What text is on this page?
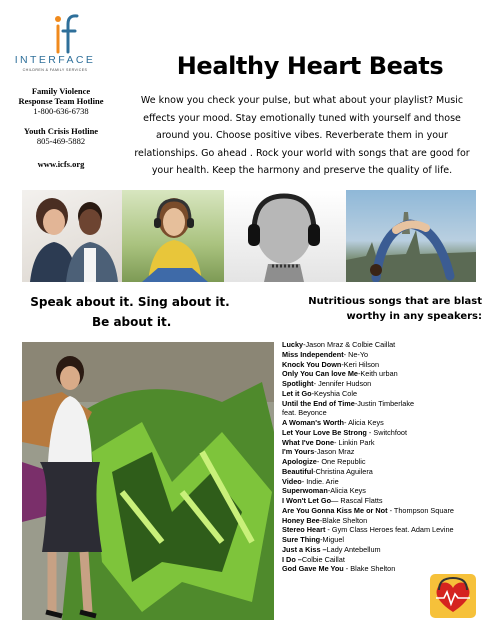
INTERFACE
CHILDREN & FAMILY SERVICES
Family Violence
Response Team Hotline
1-800-636-6738
Youth Crisis Hotline
805-469-5882
www.icfs.org
Healthy Heart Beats
We know you check your pulse, but what about your playlist? Music
effects your mood. Stay emotionally tuned with yourself and those
around you. Choose positive vibes. Reverberate them in your
relationships. Go ahead . Rock your world with songs that are good for
your health. Keep the harmony and preserve the quality of life.
Speak about it. Sing about it.
Be about it.
Nutritious songs that are blast
worthy in any speakers:
Lucky-Jason Mraz & Colbie Caillat
Miss Independent- Ne-Yo
Knock You Down-Keri Hilson
Only You Can love Me-Keith urban
Spotlight- Jennifer Hudson
Let it Go-Keyshia Cole
Until the End of Time-Justin Timberlake
feat. Beyonce
A Woman's Worth- Alicia Keys
Let Your Love Be Strong - Switchfoot
What I've Done- Linkin Park
I'm Yours-Jason Mraz
Apologize- One Republic
Beautiful-Christina Aguilera
Video- Indie. Arie
Superwoman-Alicia Keys
I Won't Let Go— Rascal Flatts
Are You Gonna Kiss Me or Not - Thompson Square
Honey Bee-Blake Shelton
Stereo Heart - Gym Class Heroes feat. Adam Levine
Sure Thing-Miguel
Just a Kiss –Lady Antebellum
I Do –Colbie Caillat
God Gave Me You - Blake Shelton
